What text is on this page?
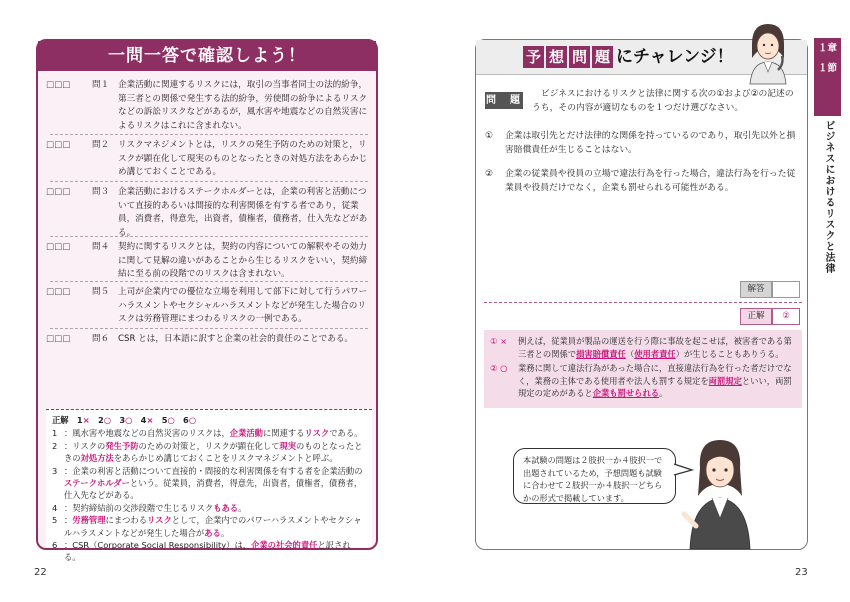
一問一答で確認しよう！
□□□	問１	企業活動に関連するリスクには，取引の当事者同士の法的紛争，第三者との関係で発生する法的紛争，労使間の紛争によるリスクなどの訴訟リスクなどがあるが，風水害や地震などの自然災害によるリスクはこれに含まれない。
□□□	問２	リスクマネジメントとは，リスクの発生予防のための対策と，リスクが顕在化して現実のものとなったときの対処方法をあらかじめ講じておくことである。
□□□	問３	企業活動におけるステークホルダーとは，企業の利害と活動について直接的あるいは間接的な利害関係を有する者であり，従業員，消費者，得意先，出資者，債権者，債務者，仕入先などがある。
□□□	問４	契約に関するリスクとは，契約の内容についての解釈やその効力に関して見解の違いがあることから生じるリスクをいい，契約締結に至る前の段階でのリスクは含まれない。
□□□	問５	上司が企業内での優位な立場を利用して部下に対して行うパワーハラスメントやセクシャルハラスメントなどが発生した場合のリスクは労務管理にまつわるリスクの一例である。
□□□	問６	CSR とは，日本語に訳すと企業の社会的責任のことである。
正解　 1×　 2○　 3○　 4×　 5○　 6○　
1 ：風水害や地震などの自然災害のリスクは，企業活動に関連するリスクである。
2 ：リスクの発生予防のための対策と，リスクが顕在化して現実のものとなったときの対処方法をあらかじめ講じておくことをリスクマネジメントと呼ぶ。
3 ：企業の利害と活動について直接的・間接的な利害関係を有する者を企業活動のステークホルダーという。従業員，消費者，得意先，出資者，債権者，債務者，仕入先などがある。
4 ：契約締結前の交渉段階で生じるリスクもある。
5 ：労務管理にまつわるリスクとして，企業内でのパワーハラスメントやセクシャルハラスメントなどが発生した場合がある。
6 ：CSR（Corporate Social Responsibility）は，企業の社会的責任と訳される。
22
予 想 問 題 にチャレンジ！
問　題
ビジネスにおけるリスクと法律に関する次の①および②の記述のうち，その内容が適切なものを１つだけ選びなさい。
①	企業は取引先とだけ法律的な関係を持っているのであり，取引先以外と損害賠償責任が生じることはない。
②	企業の従業員や役員の立場で違法行為を行った場合，違法行為を行った従業員や役員だけでなく，企業も罰せられる可能性がある。
解答
正解	②
① ×	例えば，従業員が製品の運送を行う際に事故を起こせば，被害者である第三者との関係で損害賠償責任（使用者責任）が生じることもありうる。
② ○	業務に関して違法行為があった場合に，直接違法行為を行った者だけでなく，業務の主体である使用者や法人も罰する規定を両罰規定といい，両罰規定の定めがあると企業も罰せられる。
本試験の問題は２肢択一か４肢択一で出題されているため，予想問題も試験に合わせて２肢択一か４肢択一どちらかの形式で掲載しています。
23
１章
１節
ビジネスにおけるリスクと法律
